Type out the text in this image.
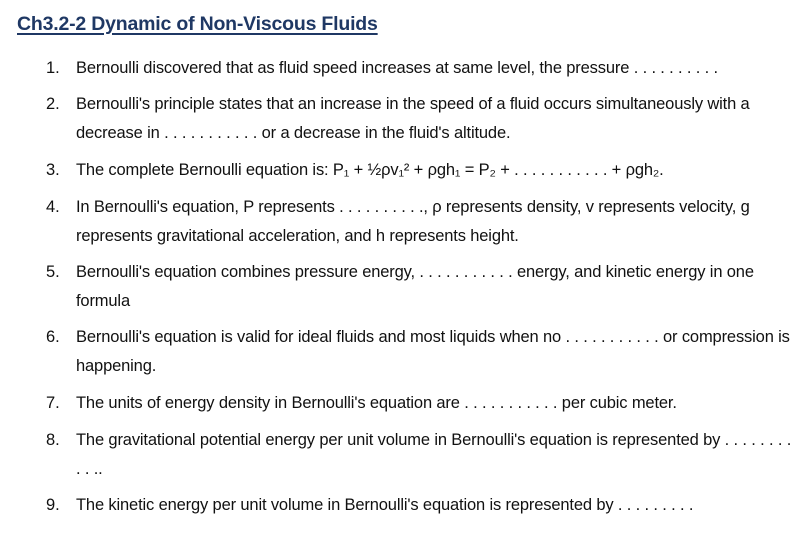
Ch3.2-2 Dynamic of Non-Viscous Fluids
1. Bernoulli discovered that as fluid speed increases at same level, the pressure . . . . . . . . . .
2. Bernoulli's principle states that an increase in the speed of a fluid occurs simultaneously with a decrease in . . . . . . . . . . . or a decrease in the fluid's altitude.
3. The complete Bernoulli equation is: P₁ + ½ρv₁² + ρgh₁ = P₂ + . . . . . . . . . . . + ρgh₂.
4. In Bernoulli's equation, P represents . . . . . . . . . ., ρ represents density, v represents velocity, g represents gravitational acceleration, and h represents height.
5. Bernoulli's equation combines pressure energy, . . . . . . . . . . . energy, and kinetic energy in one formula
6. Bernoulli's equation is valid for ideal fluids and most liquids when no . . . . . . . . . . . or compression is happening.
7. The units of energy density in Bernoulli's equation are . . . . . . . . . . . per cubic meter.
8. The gravitational potential energy per unit volume in Bernoulli's equation is represented by . . . . . . . . . . ..
9. The kinetic energy per unit volume in Bernoulli's equation is represented by . . . . . . . . .
